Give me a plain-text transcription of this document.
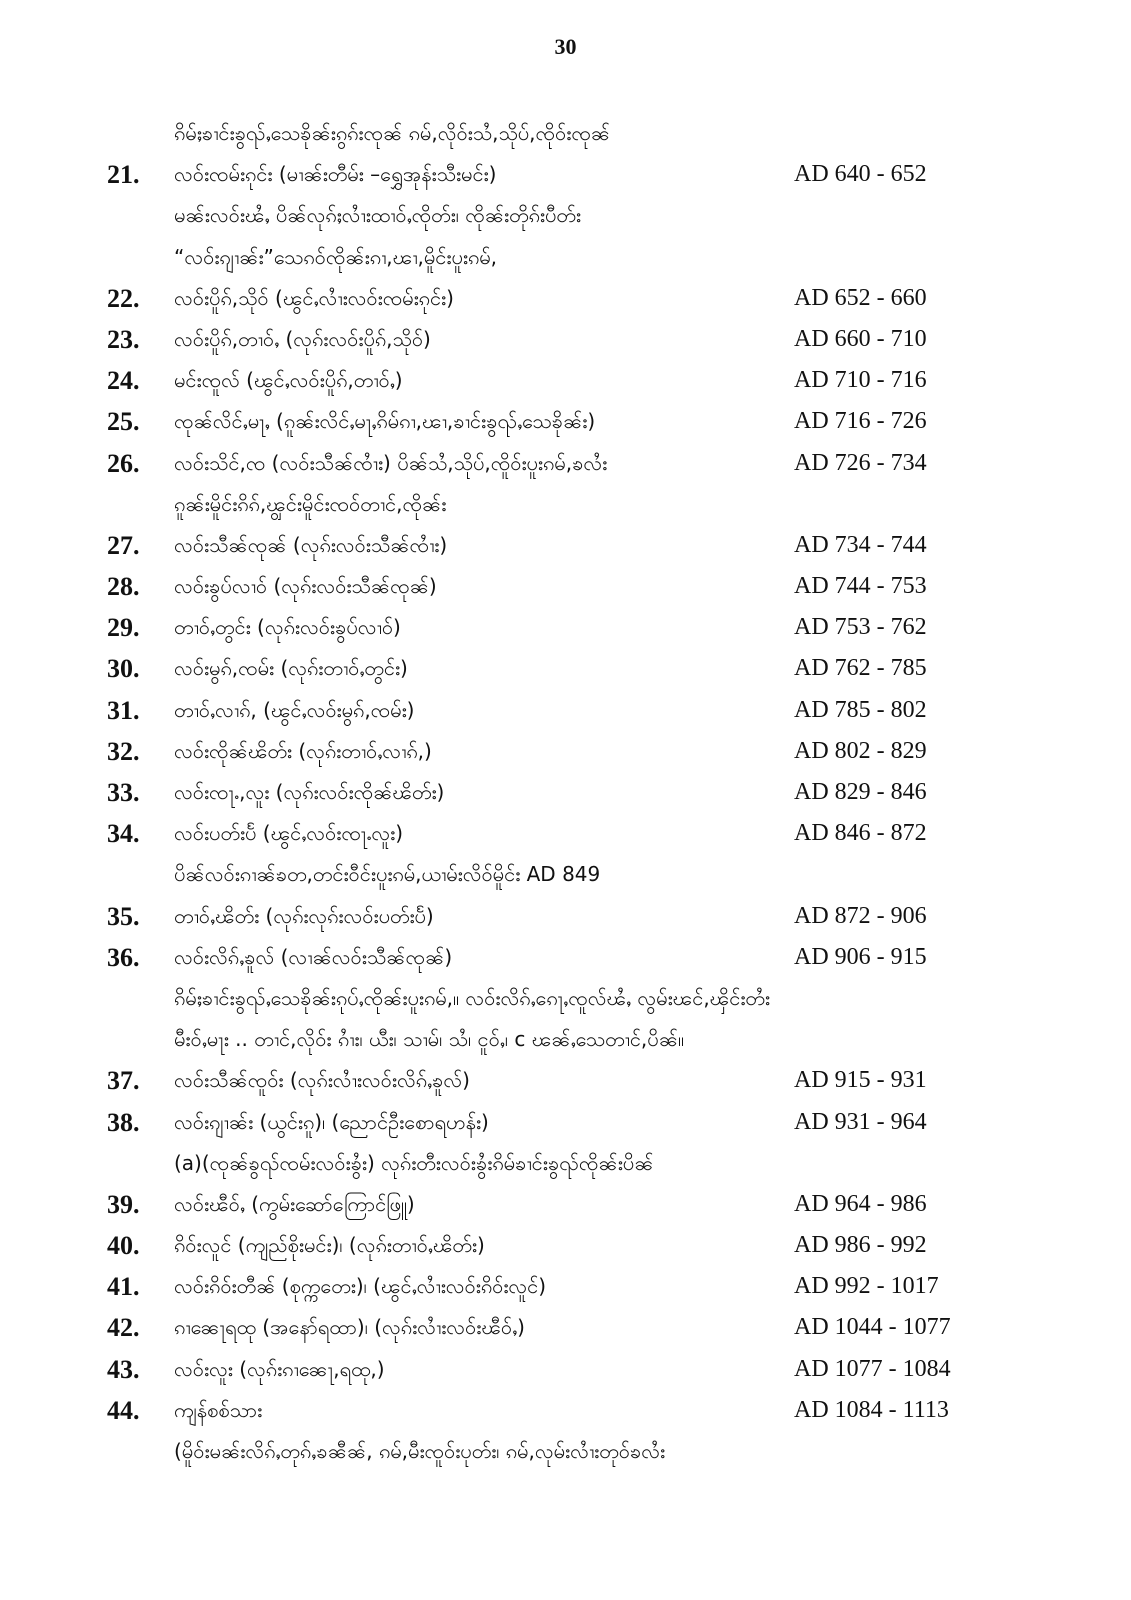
30
ၵိမ်ႈၶၢင်းၶွၺ်ႇသေၶိုၼ်းၵွၵ်းၸုၼ် ၵမ်,လိုဝ်းသႆ,သိုပ်,ၸိုဝ်းၸုၼ်
21. လဝ်းၸမ်းၵုင်း (မၢၼ်းတီမ်း –ရွှေအုန်းသီးမင်း)	AD 640 - 652
မၼ်းလဝ်းၽႆႇ ပိၼ်လုၵ်ႈလၢႆးထၢဝ်ႇၸိုတ်း၊ ၸိုၼ်းတိုၵ်းပီတ်း
“လဝ်းၵျၢၼ်း”သေၵဝ်ၸိုၼ်းၵၢ,ၽၢ,မိူင်းပူးၵမ်,
22. လဝ်းပိူၵ်,သိုဝ် (ၽွင်ႇလၢႆးလဝ်းၸမ်းၵုင်း)	AD 652 - 660
23. လဝ်းပိူၵ်,တၢဝ်ႇ (လုၵ်းလဝ်းပိူၵ်,သိုဝ်)	AD 660 - 710
24. မင်းၸူလ် (ၽွင်ႇလဝ်းပိူၵ်,တၢဝ်ႇ)	AD 710 - 716
25. ၸုၼ်လိင်ႇမႃႇ (ၵူၼ်းလိင်ႇမႃႇၵိမ်ၵၢ,ၽၢ,ၶၢင်းၶွၺ်ႇသေၶိုၼ်း)	AD 716 - 726
26. လဝ်းသိင်,ၸ (လဝ်းသီၼ်ၸၢႆး) ပိၼ်သႆ,သိုပ်,ၸိူဝ်းပူးၵမ်,ၶလႆး	AD 726 - 734
ၵူၼ်းမိူင်းၵိၵ်,ၾွင်းမိူင်းၸဝ်တၢင်,ၸိုၼ်း
27. လဝ်းသီၼ်ၸုၼ် (လုၵ်းလဝ်းသီၼ်ၸၢႆး)	AD 734 - 744
28. လဝ်းၶွပ်လၢဝ် (လုၵ်းလဝ်းသီၼ်ၸုၼ်)	AD 744 - 753
29. တၢဝ်ႇတွင်း (လုၵ်းလဝ်းၶွပ်လၢဝ်)	AD 753 - 762
30. လဝ်းမွၵ်,ၸမ်း (လုၵ်းတၢဝ်ႇတွင်း)	AD 762 - 785
31. တၢဝ်ႇလၢၵ်, (ၽွင်ႇလဝ်းမွၵ်,ၸမ်း)	AD 785 - 802
32. လဝ်းၸိုၼ်ၽိတ်း (လုၵ်းတၢဝ်ႇလၢၵ်,)	AD 802 - 829
33. လဝ်းၸႃႉ,လူး (လုၵ်းလဝ်းၸိုၼ်ၽိတ်း)	AD 829 - 846
34. လဝ်းပတ်းပႅ (ၽွင်ႇလဝ်းၸႃႉလူး)	AD 846 - 872
ပိၼ်လဝ်းၵၢၼ်ၶတ,တင်းဝီင်းပူးၵမ်,ယၢမ်းလိဝ်မိူင်း AD 849
35. တၢဝ်ႇၽိတ်း (လုၵ်းလုၵ်းလဝ်းပတ်းပႅ)	AD 872 - 906
36. လဝ်းလိၵ်ႇၶူလ် (လၢၼ်လဝ်းသီၼ်ၸုၼ်)	AD 906 - 915
ၵိမ်ႈၶၢင်းၶွၺ်ႇသေၶိုၼ်းၵုပ်ႇၸိုၼ်းပူးၵမ်,။ လဝ်းလိၵ်ႇၵေႃႇၸူလ်ၽႆႇ လွမ်းၽင်,ၾိင်းတႆး
မီးဝ်ႇမႃး .. တၢင်,လိုဝ်း ၵၢႆး၊ ယီး၊ သၢမ်၊ သႆ၊ ငူဝ်ႇ၊ c ၽၼ်ႇသေတၢင်,ပိၼ်။
37. လဝ်းသီၼ်ၸူဝ်း (လုၵ်းလၢႆးလဝ်းလိၵ်ႇၶူလ်)	AD 915 - 931
38. လဝ်းၵျၢၼ်း (ယွင်းၵူ)၊ (ညောင်ဦးစောရဟန်း)	AD 931 - 964
(a)(ၸုၼ်ၶွၺ်ၸမ်းလဝ်းၶွႆး) လုၵ်းတီးလဝ်းၶွႆးၵိမ်ၶၢင်းၶွၺ်ၸိုၼ်းပိၼ်
39. လဝ်းၽီဝ်ႇ (ကွမ်းဆော်ကြောင်ဖြူ)	AD 964 - 986
40. ၵိဝ်းလူင် (ကျည်စိုးမင်း)၊ (လုၵ်းတၢဝ်ႇၽိတ်း)	AD 986 - 992
41. လဝ်းၵိဝ်းတီၼ် (စုက္ကတေး)၊ (ၽွင်ႇလၢႆးလဝ်းၵိဝ်းလူင်)	AD 992 - 1017
42. ၵၢၼေႃရထု (အနော်ရထာ)၊ (လုၵ်းလၢႆးလဝ်းၽီဝ်ႇ)	AD 1044 - 1077
43. လဝ်းလူး (လုၵ်းၵၢၼေႃ,ရထု,)	AD 1077 - 1084
44. ကျန်စစ်သား	AD 1084 - 1113
(မိူဝ်းမၼ်းလိၵ်ႇတုၵ်ႇၶၼီၼ်, ၵမ်,မီးၸူဝ်းပုတ်း၊ ၵမ်,လုမ်းလၢႆးတုဝ်ၶလႆး
